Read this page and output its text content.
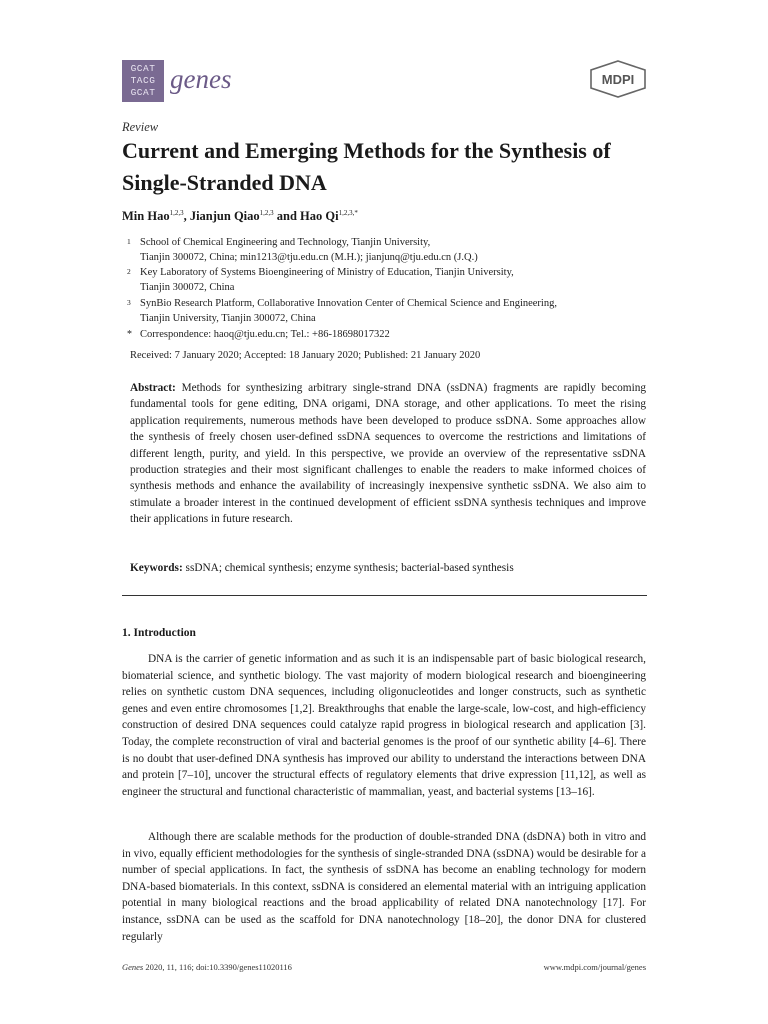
GCAT
TACG
GCAT genes	MDPI
Review
Current and Emerging Methods for the Synthesis of Single-Stranded DNA
Min Hao$^{1,2,3}$, Jianjun Qiao$^{1,2,3}$ and Hao $Qi^{1,2,3,*}$
1 School of Chemical Engineering and Technology, Tianjin University,
Tianjin 300072, China; min1213@tju.edu.cn (M.H.); jianjunq@tju.edu.cn (J.Q.)
2 Key Laboratory of Systems Bioengineering of Ministry of Education, Tianjin University,
Tianjin 300072, China
3 SynBio Research Platform, Collaborative Innovation Center of Chemical Science and Engineering,
Tianjin University, Tianjin 300072, China
* Correspondence: haoq@tju.edu.cn; Tel.: +86-18698017322
Received: 7 January 2020; Accepted: 18 January 2020; Published: 21 January 2020
Abstract: Methods for synthesizing arbitrary single-strand DNA (ssDNA) fragments are rapidly becoming fundamental tools for gene editing, DNA origami, DNA storage, and other applications. To meet the rising application requirements, numerous methods have been developed to produce ssDNA. Some approaches allow the synthesis of freely chosen user-defined ssDNA sequences to overcome the restrictions and limitations of different length, purity, and yield. In this perspective, we provide an overview of the representative ssDNA production strategies and their most significant challenges to enable the readers to make informed choices of synthesis methods and enhance the availability of increasingly inexpensive synthetic ssDNA. We also aim to stimulate a broader interest in the continued development of efficient ssDNA synthesis techniques and improve their applications in future research.
Keywords: ssDNA; chemical synthesis; enzyme synthesis; bacterial-based synthesis
1. Introduction
DNA is the carrier of genetic information and as such it is an indispensable part of basic biological research, biomaterial science, and synthetic biology. The vast majority of modern biological research and bioengineering relies on synthetic custom DNA sequences, including oligonucleotides and longer constructs, such as synthetic genes and even entire chromosomes [1,2]. Breakthroughs that enable the large-scale, low-cost, and high-efficiency construction of desired DNA sequences could catalyze rapid progress in biological research and application [3]. Today, the complete reconstruction of viral and bacterial genomes is the proof of our synthetic ability [4–6]. There is no doubt that user-defined DNA synthesis has improved our ability to understand the interactions between DNA and protein [7–10], uncover the structural effects of regulatory elements that drive expression [11,12], as well as engineer the structural and functional characteristic of mammalian, yeast, and bacterial systems [13–16].
Although there are scalable methods for the production of double-stranded DNA (dsDNA) both in vitro and in vivo, equally efficient methodologies for the synthesis of single-stranded DNA (ssDNA) would be desirable for a number of special applications. In fact, the synthesis of ssDNA has become an enabling technology for modern DNA-based biomaterials. In this context, ssDNA is considered an elemental material with an intriguing application potential in many biological reactions and the broad applicability of related DNA nanotechnology [17]. For instance, ssDNA can be used as the scaffold for DNA nanotechnology [18–20], the donor DNA for clustered regularly
Genes 2020, 11, 116; doi:10.3390/genes11020116	www.mdpi.com/journal/genes
